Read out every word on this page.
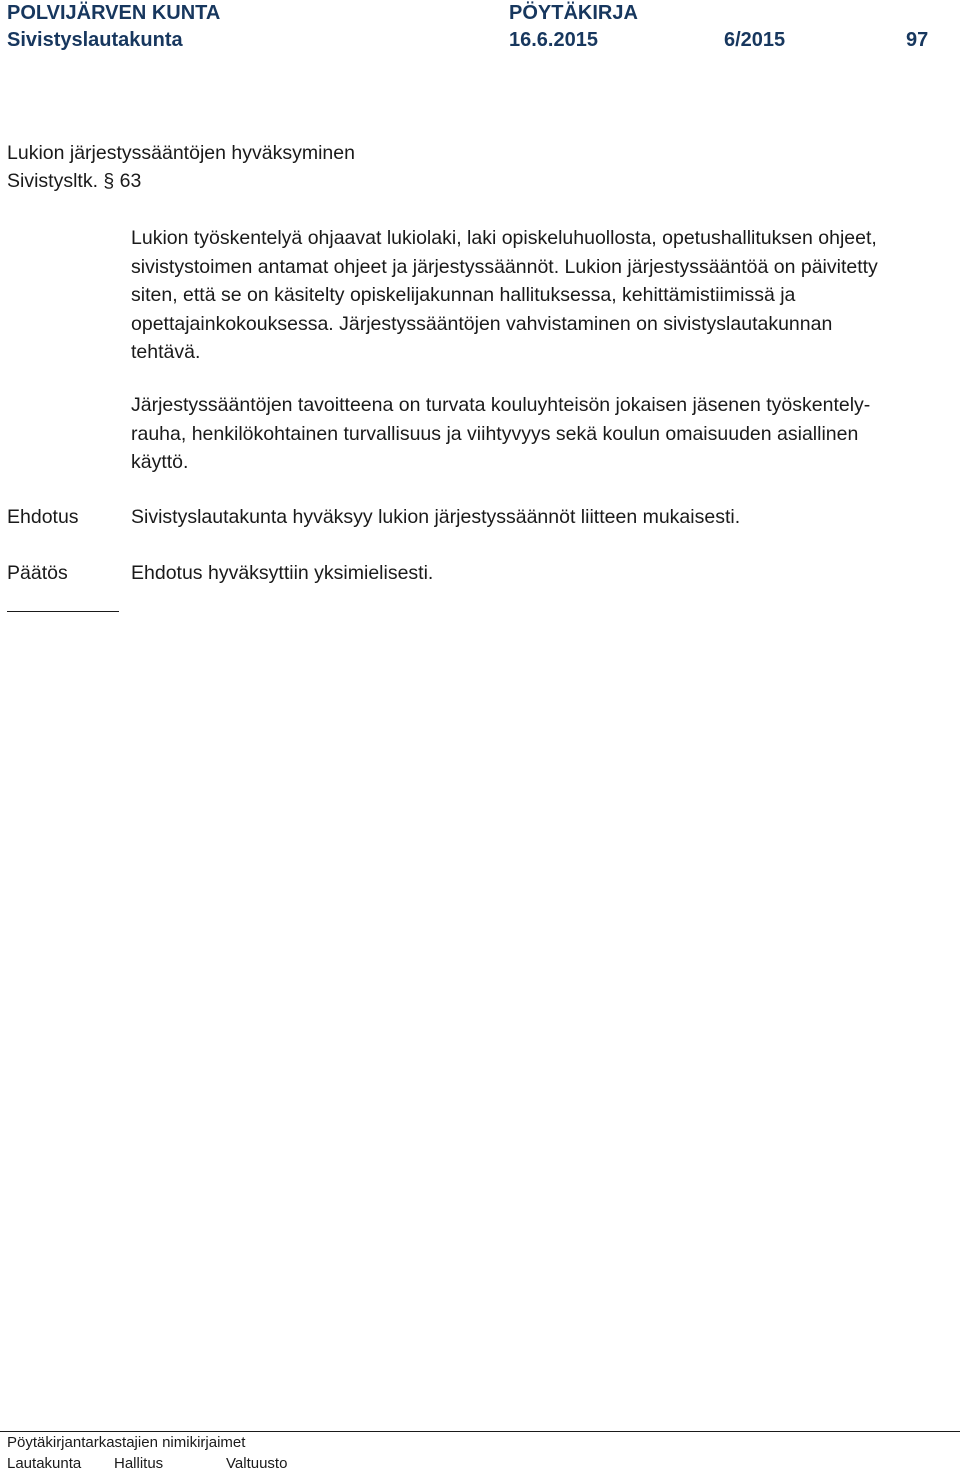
POLVIJÄRVEN KUNTA	PÖYTÄKIRJA
Sivistyslautakunta	16.6.2015	6/2015	97
Lukion järjestyssääntöjen hyväksyminen
Sivistysltk. § 63
Lukion työskentelyä ohjaavat lukiolaki, laki opiskeluhuollosta, opetushallituksen ohjeet,
sivistystoimen antamat ohjeet ja järjestyssäännöt. Lukion järjestyssääntöä on päivitetty
siten, että se on käsitelty opiskelijakunnan hallituksessa, kehittämistiimissä ja
opettajainkokouksessa. Järjestyssääntöjen vahvistaminen on sivistyslautakunnan
tehtävä.
Järjestyssääntöjen tavoitteena on turvata kouluyhteisön jokaisen jäsenen työskentely-
rauha, henkilökohtainen turvallisuus ja viihtyvyys sekä koulun omaisuuden asiallinen
käyttö.
Ehdotus	Sivistyslautakunta hyväksyy lukion järjestyssäännöt liitteen mukaisesti.
Päätös	Ehdotus hyväksyttiin yksimielisesti.
Pöytäkirjantarkastajien nimikirjaimet
Lautakunta Hallitus	Valtuusto
